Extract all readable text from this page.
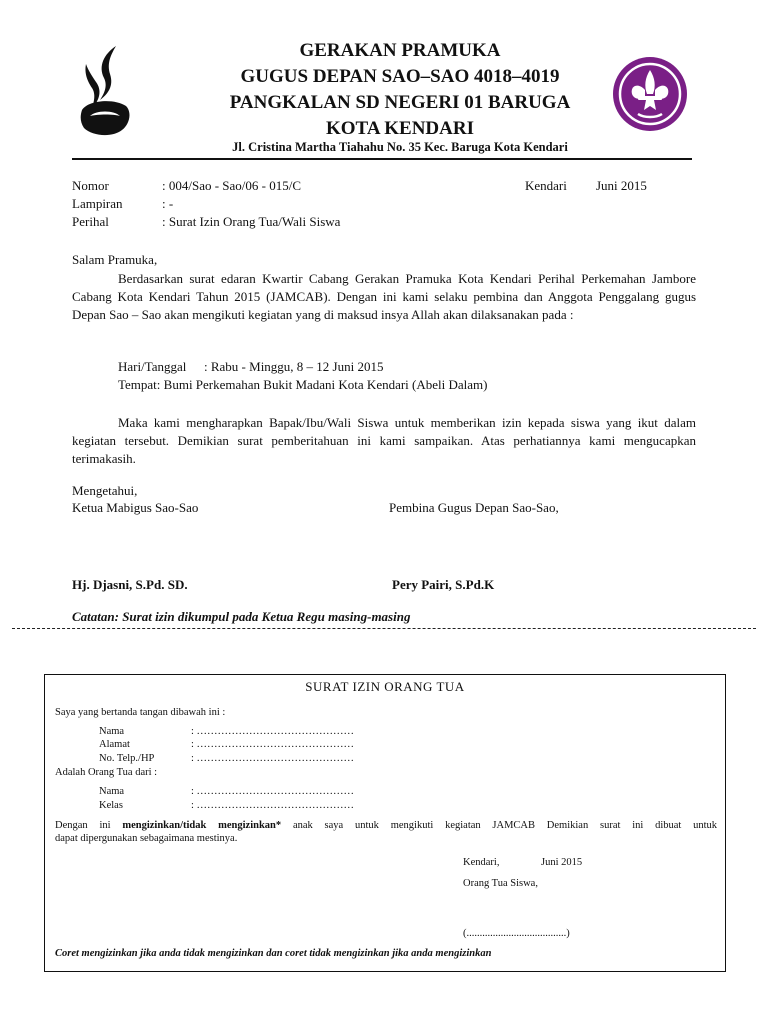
GERAKAN PRAMUKA
GUGUS DEPAN SAO–SAO 4018–4019
PANGKALAN SD NEGERI 01 BARUGA
KOTA KENDARI
Jl. Cristina Martha Tiahahu No. 35 Kec. Baruga Kota Kendari
Nomor	: 004/Sao - Sao/06 - 015/C	Kendari Juni 2015
Lampiran	: -
Perihal	: Surat Izin Orang Tua/Wali Siswa
Salam Pramuka,

Berdasarkan surat edaran Kwartir Cabang Gerakan Pramuka Kota Kendari Perihal Perkemahan Jambore Cabang Kota Kendari Tahun 2015 (JAMCAB). Dengan ini kami selaku pembina dan Anggota Penggalang gugus Depan Sao – Sao akan mengikuti kegiatan yang di maksud insya Allah akan dilaksanakan pada :

Hari/Tanggal : Rabu - Minggu, 8 – 12 Juni 2015
Tempat: Bumi Perkemahan Bukit Madani Kota Kendari (Abeli Dalam)

Maka kami mengharapkan Bapak/Ibu/Wali Siswa untuk memberikan izin kepada siswa yang ikut dalam kegiatan tersebut. Demikian surat pemberitahuan ini kami sampaikan. Atas perhatiannya kami mengucapkan terimakasih.

Mengetahui,
Ketua Mabigus Sao-Sao	Pembina Gugus Depan Sao-Sao,
Hj. Djasni, S.Pd. SD.	Pery Pairi, S.Pd.K
Catatan: Surat izin dikumpul pada Ketua Regu masing-masing
SURAT IZIN ORANG TUA
Saya yang bertanda tangan dibawah ini :
Nama	: ………………………………………
Alamat	: ………………………………………
No. Telp./HP	: ………………………………………
Adalah Orang Tua dari :
Nama	: ………………………………………
Kelas	: ………………………………………
Dengan ini mengizinkan/tidak mengizinkan* anak saya untuk mengikuti kegiatan JAMCAB Demikian surat ini dibuat untuk
dapat dipergunakan sebagaimana mestinya.
Kendari,	Juni 2015
Orang Tua Siswa,
(......................................)
Coret mengizinkan jika anda tidak mengizinkan dan coret tidak mengizinkan jika anda mengizinkan
